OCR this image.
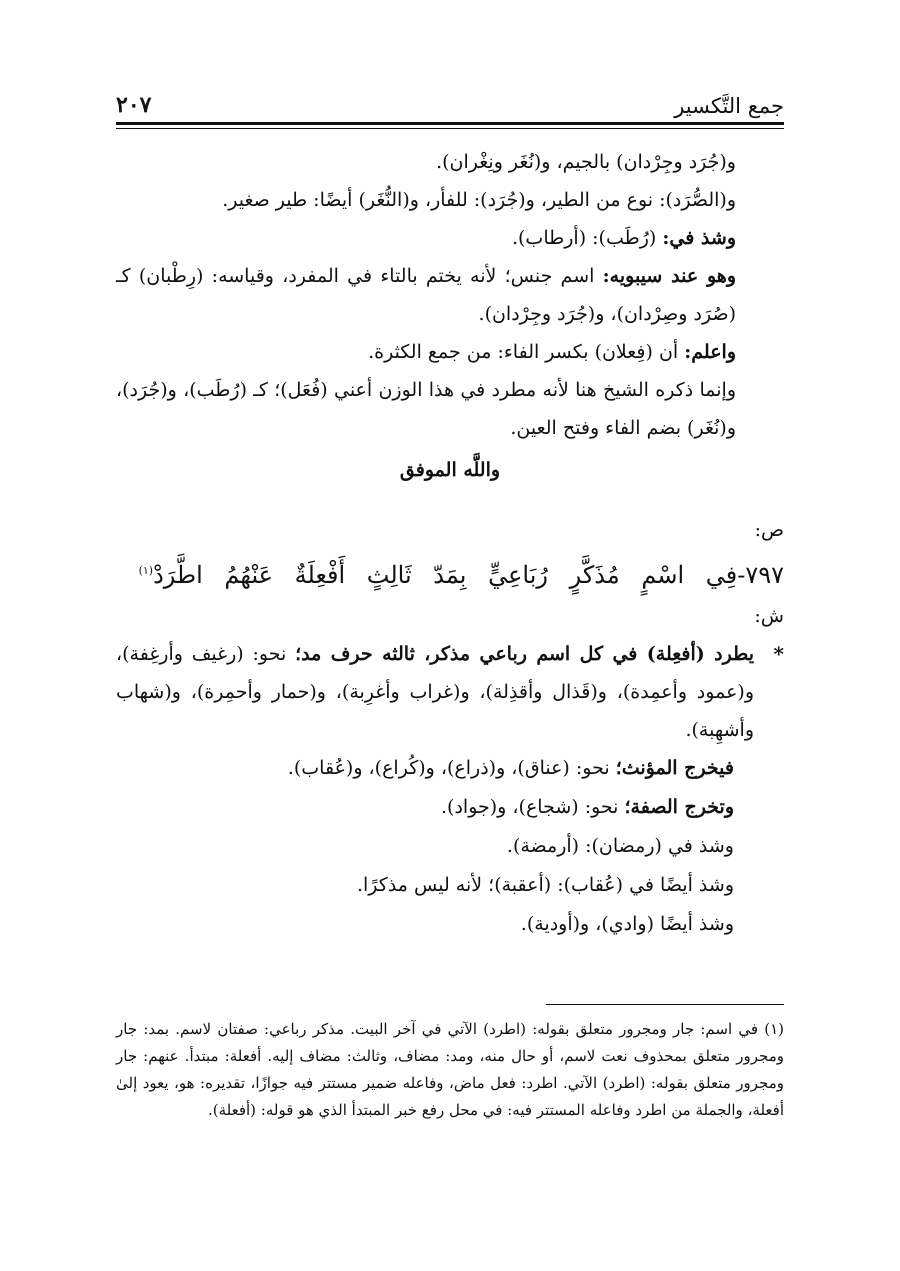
جمع التَّكسير
٢٠٧

و(جُرَد وجِرْدان) بالجيم، و(نُغَر ونِغْران).

و(الصُّرَد): نوع من الطير، و(جُرَد): للفأر، و(النُّغَر) أيضًا: طير صغير.

وشذ في: (رُطَب): (أرطاب).

وهو عند سيبويه: اسم جنس؛ لأنه يختم بالتاء في المفرد، وقياسه: (رِطْبان) كـ (صُرَد وصِرْدان)، و(جُرَد وجِرْدان).

واعلم: أن (فِعلان) بكسر الفاء: من جمع الكثرة.

وإنما ذكره الشيخ هنا لأنه مطرد في هذا الوزن أعني (فُعَل)؛ كـ (رُطَب)، و(جُرَد)، و(نُغَر) بضم الفاء وفتح العين.

واللَّه الموفق

ص:

٧٩٧-فِي اسْمٍ مُذَكَّرٍ رُبَاعِيٍّ بِمَدّ ثَالِثٍ أَفْعِلَةٌ عَنْهُمُ اطَّرَدْ$^{(١)}$

ش:

*

يطرد (أفعِلة) في كل اسم رباعي مذكر، ثالثه حرف مد؛ نحو: (رغيف وأرغِفة)، و(عمود وأعمِدة)، و(قَذال وأقذِلة)، و(غراب وأغرِبة)، و(حمار وأحمِرة)، و(شهاب وأشهِبة).

فيخرج المؤنث؛ نحو: (عناق)، و(ذراع)، و(كُراع)، و(عُقاب).

وتخرج الصفة؛ نحو: (شجاع)، و(جواد).

وشذ في (رمضان): (أرمضة).

وشذ أيضًا في (عُقاب): (أعقبة)؛ لأنه ليس مذكرًا.

وشذ أيضًا (وادي)، و(أودية).

(١) في اسم: جار ومجرور متعلق بقوله: (اطرد) الآتي في آخر البيت. مذكر رباعي: صفتان لاسم. بمد: جار ومجرور متعلق بمحذوف نعت لاسم، أو حال منه، ومد: مضاف، وثالث: مضاف إليه. أفعلة: مبتدأ. عنهم: جار ومجرور متعلق بقوله: (اطرد) الآتي. اطرد: فعل ماض، وفاعله ضمير مستتر فيه جوازًا، تقديره: هو، يعود إلىٰ أفعلة، والجملة من اطرد وفاعله المستتر فيه: في محل رفع خبر المبتدأ الذي هو قوله: (أفعلة).
